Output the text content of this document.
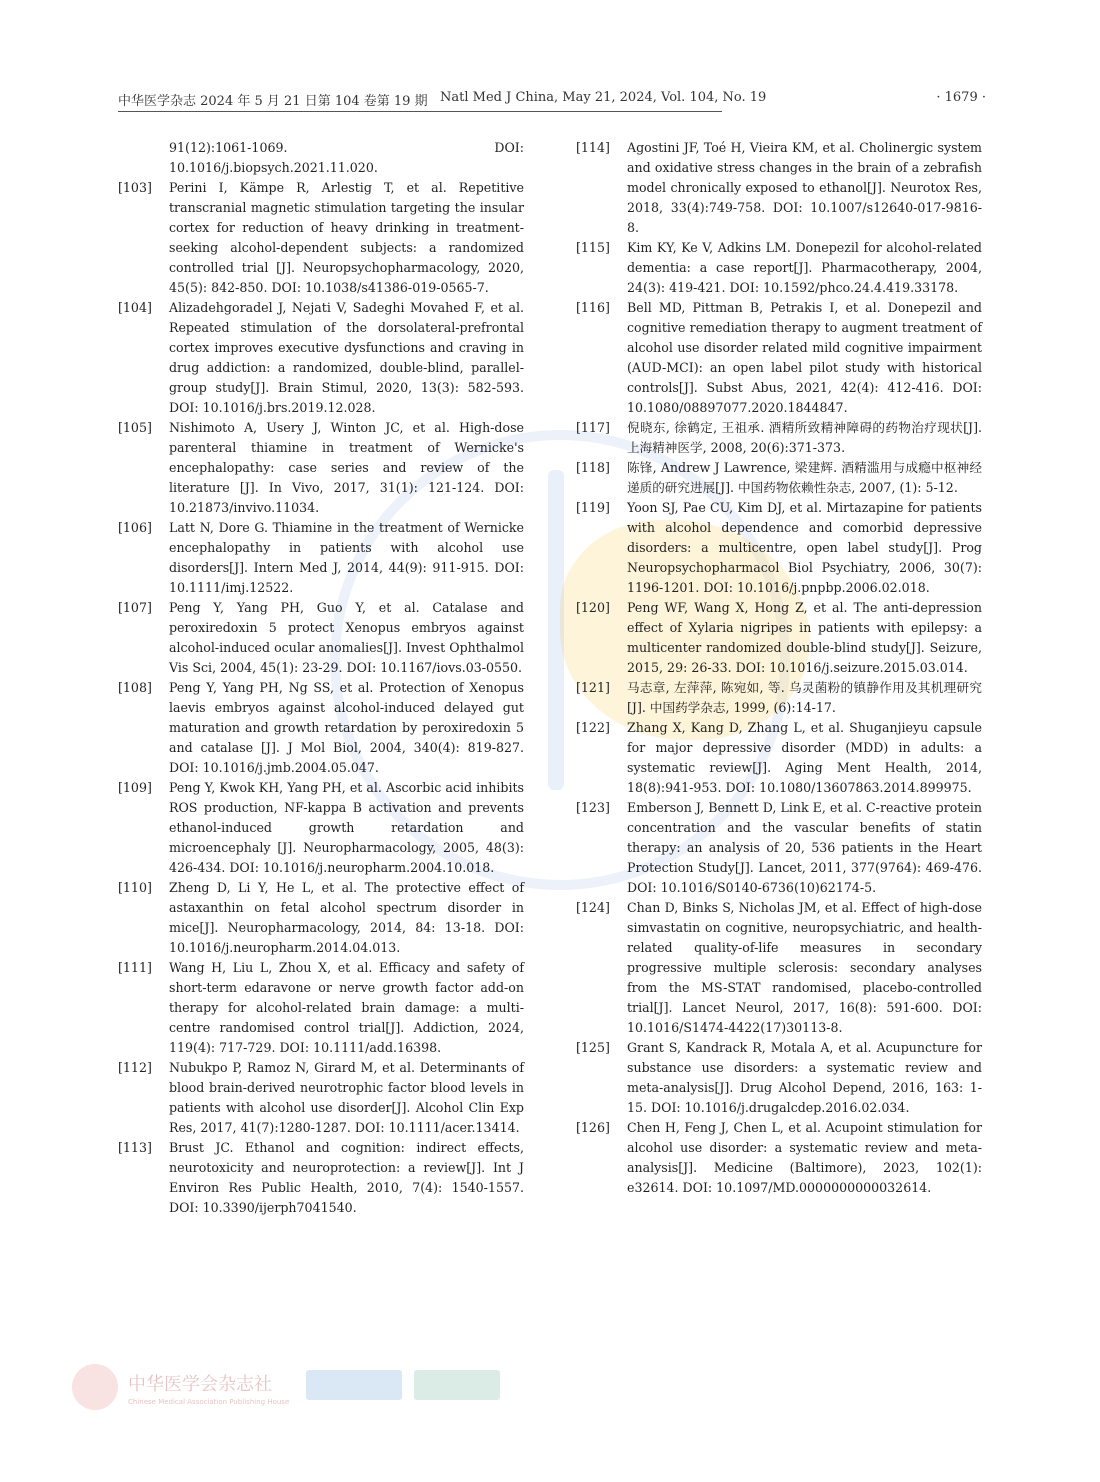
中华医学杂志 2024 年 5 月 21 日第 104 卷第 19 期 Natl Med J China, May 21, 2024, Vol. 104, No. 19	· 1679 ·
91(12):1061-1069. DOI: 10.1016/j.biopsych.2021.11.020.
[103] Perini I, Kämpe R, Arlestig T, et al. Repetitive transcranial magnetic stimulation targeting the insular cortex for reduction of heavy drinking in treatment-seeking alcohol-dependent subjects: a randomized controlled trial [J]. Neuropsychopharmacology, 2020, 45(5): 842-850. DOI: 10.1038/s41386-019-0565-7.
[104] Alizadehgoradel J, Nejati V, Sadeghi Movahed F, et al. Repeated stimulation of the dorsolateral-prefrontal cortex improves executive dysfunctions and craving in drug addiction: a randomized, double-blind, parallel-group study[J]. Brain Stimul, 2020, 13(3): 582-593. DOI: 10.1016/j.brs.2019.12.028.
[105] Nishimoto A, Usery J, Winton JC, et al. High-dose parenteral thiamine in treatment of Wernicke's encephalopathy: case series and review of the literature [J]. In Vivo, 2017, 31(1): 121-124. DOI: 10.21873/invivo.11034.
[106] Latt N, Dore G. Thiamine in the treatment of Wernicke encephalopathy in patients with alcohol use disorders[J]. Intern Med J, 2014, 44(9): 911-915. DOI: 10.1111/imj.12522.
[107] Peng Y, Yang PH, Guo Y, et al. Catalase and peroxiredoxin 5 protect Xenopus embryos against alcohol-induced ocular anomalies[J]. Invest Ophthalmol Vis Sci, 2004, 45(1): 23-29. DOI: 10.1167/iovs.03-0550.
[108] Peng Y, Yang PH, Ng SS, et al. Protection of Xenopus laevis embryos against alcohol-induced delayed gut maturation and growth retardation by peroxiredoxin 5 and catalase [J]. J Mol Biol, 2004, 340(4): 819-827. DOI: 10.1016/j.jmb.2004.05.047.
[109] Peng Y, Kwok KH, Yang PH, et al. Ascorbic acid inhibits ROS production, NF-kappa B activation and prevents ethanol-induced growth retardation and microencephaly [J]. Neuropharmacology, 2005, 48(3): 426-434. DOI: 10.1016/j.neuropharm.2004.10.018.
[110] Zheng D, Li Y, He L, et al. The protective effect of astaxanthin on fetal alcohol spectrum disorder in mice[J]. Neuropharmacology, 2014, 84: 13-18. DOI: 10.1016/j.neuropharm.2014.04.013.
[111] Wang H, Liu L, Zhou X, et al. Efficacy and safety of short-term edaravone or nerve growth factor add-on therapy for alcohol-related brain damage: a multi-centre randomised control trial[J]. Addiction, 2024, 119(4): 717-729. DOI: 10.1111/add.16398.
[112] Nubukpo P, Ramoz N, Girard M, et al. Determinants of blood brain-derived neurotrophic factor blood levels in patients with alcohol use disorder[J]. Alcohol Clin Exp Res, 2017, 41(7):1280-1287. DOI: 10.1111/acer.13414.
[113] Brust JC. Ethanol and cognition: indirect effects, neurotoxicity and neuroprotection: a review[J]. Int J Environ Res Public Health, 2010, 7(4): 1540-1557. DOI: 10.3390/ijerph7041540.
[114] Agostini JF, Toé H, Vieira KM, et al. Cholinergic system and oxidative stress changes in the brain of a zebrafish model chronically exposed to ethanol[J]. Neurotox Res, 2018, 33(4):749-758. DOI: 10.1007/s12640-017-9816-8.
[115] Kim KY, Ke V, Adkins LM. Donepezil for alcohol-related dementia: a case report[J]. Pharmacotherapy, 2004, 24(3): 419-421. DOI: 10.1592/phco.24.4.419.33178.
[116] Bell MD, Pittman B, Petrakis I, et al. Donepezil and cognitive remediation therapy to augment treatment of alcohol use disorder related mild cognitive impairment (AUD-MCI): an open label pilot study with historical controls[J]. Subst Abus, 2021, 42(4): 412-416. DOI: 10.1080/08897077.2020.1844847.
[117] 倪晓东, 徐鹤定, 王祖承. 酒精所致精神障碍的药物治疗现状[J]. 上海精神医学, 2008, 20(6):371-373.
[118] 陈锋, Andrew J Lawrence, 梁建辉. 酒精滥用与成瘾中枢神经递质的研究进展[J]. 中国药物依赖性杂志, 2007, (1): 5-12.
[119] Yoon SJ, Pae CU, Kim DJ, et al. Mirtazapine for patients with alcohol dependence and comorbid depressive disorders: a multicentre, open label study[J]. Prog Neuropsychopharmacol Biol Psychiatry, 2006, 30(7): 1196-1201. DOI: 10.1016/j.pnpbp.2006.02.018.
[120] Peng WF, Wang X, Hong Z, et al. The anti-depression effect of Xylaria nigripes in patients with epilepsy: a multicenter randomized double-blind study[J]. Seizure, 2015, 29: 26-33. DOI: 10.1016/j.seizure.2015.03.014.
[121] 马志章, 左萍萍, 陈宛如, 等. 乌灵菌粉的镇静作用及其机理研究[J]. 中国药学杂志, 1999, (6):14-17.
[122] Zhang X, Kang D, Zhang L, et al. Shuganjieyu capsule for major depressive disorder (MDD) in adults: a systematic review[J]. Aging Ment Health, 2014, 18(8):941-953. DOI: 10.1080/13607863.2014.899975.
[123] Emberson J, Bennett D, Link E, et al. C-reactive protein concentration and the vascular benefits of statin therapy: an analysis of 20, 536 patients in the Heart Protection Study[J]. Lancet, 2011, 377(9764): 469-476. DOI: 10.1016/S0140-6736(10)62174-5.
[124] Chan D, Binks S, Nicholas JM, et al. Effect of high-dose simvastatin on cognitive, neuropsychiatric, and health-related quality-of-life measures in secondary progressive multiple sclerosis: secondary analyses from the MS-STAT randomised, placebo-controlled trial[J]. Lancet Neurol, 2017, 16(8): 591-600. DOI: 10.1016/S1474-4422(17)30113-8.
[125] Grant S, Kandrack R, Motala A, et al. Acupuncture for substance use disorders: a systematic review and meta-analysis[J]. Drug Alcohol Depend, 2016, 163: 1-15. DOI: 10.1016/j.drugalcdep.2016.02.034.
[126] Chen H, Feng J, Chen L, et al. Acupoint stimulation for alcohol use disorder: a systematic review and meta-analysis[J]. Medicine (Baltimore), 2023, 102(1): e32614. DOI: 10.1097/MD.0000000000032614.
中华医学会杂志社
Chinese Medical Association Publishing House
